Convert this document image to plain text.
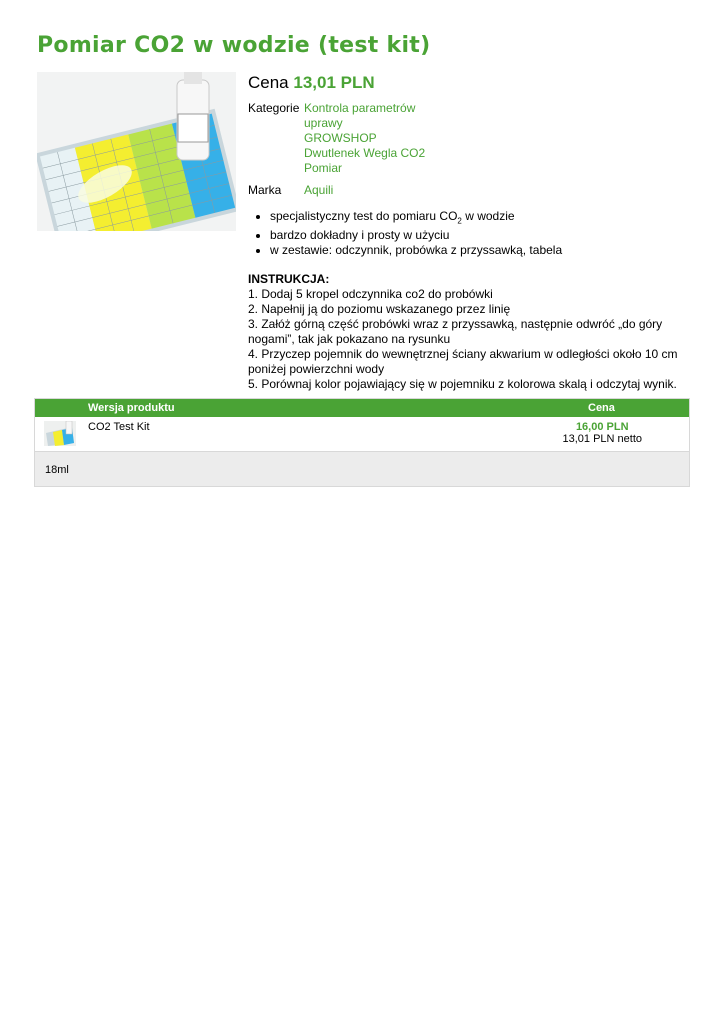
Pomiar CO2 w wodzie (test kit)
Cena 13,01 PLN
Kategorie Kontrola parametrów
uprawy
GROWSHOP
Dwutlenek Wegla CO2
Pomiar
Marka	Aquili
• specjalistyczny test do pomiaru $CO_2$ w wodzie
• bardzo dokładny i prosty w użyciu
• w zestawie: odczynnik, probówka z przyssawką, tabela
INSTRUKCJA:
1. Dodaj 5 kropel odczynnika co2 do probówki
2. Napełnij ją do poziomu wskazanego przez linię
3. Załóż górną część probówki wraz z przyssawką, następnie odwróć „do góry nogami”, tak jak pokazano na rysunku
4. Przyczep pojemnik do wewnętrznej ściany akwarium w odległości około 10 cm poniżej powierzchni wody
5. Porównaj kolor pojawiający się w pojemniku z kolorowa skalą i odczytaj wynik.
Wersja produktu	Cena
CO2 Test Kit	16,00 PLN
13,01 PLN netto
18ml
